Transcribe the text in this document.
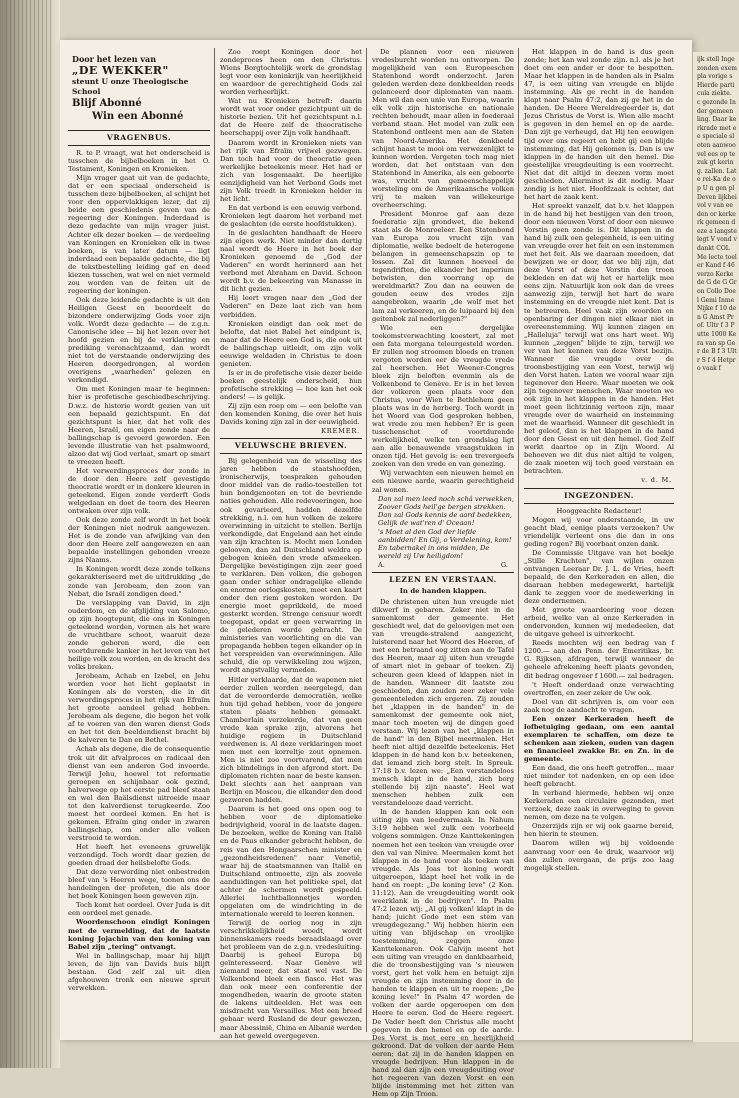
Door het lezen van
„DE WEKKER"
steunt U onze Theologische School
Blijf Abonné
Win een Abonné
VRAGENBUS.

R. te P. vraagt, wat het onderscheid is tusschen de bijbelboeken in het O. Testament, Koningen en Kronieken.

Mijn vrager gaat uit van de gedachte, dat er een speciaal onderscheid is tusschen deze bijbelboeken, al schijnt het voor den oppervlakkigen lezer, dat zij beide een geschiedenis geven van de regeering der Koningen. Inderdaad is deze gedachte van mijn vrager juist. Achter elk dezer boeken — de verdeeling van Koningen en Kronieken elk in twee boeken, is van later datum — ligt inderdaad een bepaalde gedachte, die bij de tekstbestelling leiding gaf en deed kiezen tusschen, wat wel en niet vermeld zou worden van de feiten uit de regeering der koningen.

Ook deze leidende gedachte is uit den Heiligen Geest en beoordeelt de bizondere onderwijzing Gods voor zijn volk. Wordt deze gedachte — de z.g.n. Canonische idee — bij het lezen over het hoofd gezien en bij de verklaring en prediking veronachtzaamd, dan wordt niet tot de verstaande onderwijzing des Heeren doorgedrongen, al worden overigens „waarheden" gelezen en verkondigd.

Om met Koningen maar te beginnen: hier is profetische geschiedbeschrijving. D.w.z. de historie wordt gezien van uit een bepaald gezichtspunt. En dat gezichtspunt is hier, dat het volk des Heeren, Israël, om eigen zonde naar de ballingschap is gevoerd geworden. Een levende illustratie van het psalmwoord, alzoo dat wij God verlaat, smart op smart te vreezen heeft.

Het verwerdingsproces der zonde in de door den Heere zelf gevestigde theocratie wordt er in donkere kleuren in geteekend. Eigen zonde verderft Gods welgedaan en doet de toorn des Heeren ontwaken over zijn volk.

Ook deze zonde zelf wordt in het boek der Koningen niet nodruk aangewezen. Het is de zonde van afwijking van den door den Heere zelf aangewezen en aan bepaalde instellingen gebonden vreeze zijns Naams.

In Koningen wordt deze zonde telkens gekarakteriseerd met de uitdrukking „de zonde van Jerobeam, den zoon van Nebat, die Israël zondigen deed."

De verslapping van David, in zijn ouderdom, en de afglijding van Salomo, op zijn hoogtepunt, die ons in Koningen geteekend worden, vormen als het ware de vruchtbare schoot, waaruit deze zonde geboren werd, die een voortdurende kanker in het leven van het heilige volk zou worden, en de kracht des volks breken.

Jerobeam, Achab en Izebel, en Jehu worden voor het licht geplaatst in Koningen als de vorsten, die in dit verwordingsproces in het rijk van Efraïm het groote aandeel gehad hebben. Jerobeam als degene, die begon het volk af te voeren van den waren dienst Gods en het tot den beeldendienst bracht bij de kalveren te Dan en Bethel.

Achab als degene, die de consequentie trok uit dit afvalproces en radicaal den dienst van een anderen God invoerde. Terwijl Jehu, hoewel tot reformatie geroepen en schijnbaar ook gezind, halverwege op het eerste pad bleef staan en wel den Baälsdienst uitroeide maar tot den kalverdienst terugkeerde. Zoo moest het oordeel komen. En het is gekomen. Efraïm ging onder in zwaren ballingschap, om onder alle volken verstrooid te worden.

Het heeft het eveneens gruwelijk verzondigd. Toch wordt daar gezien de goeden draad der heilsbelofte Gods.

Dat deze verwording niet onbestreden bleef van 's Heeren wege, toonen ons de handelingen der profeten, die als door het boek Koningen heen geweven zijn.

Toch komt het oordeel. Over Juda is dit een oordeel met genade.

Woordenschoon eindigt Koningen met de vermelding, dat de laatste koning Jojachin van den koning van Babel zijn „tering" ontvangt.

Wel in ballingschap, maar hij blijft leven, de lijn van Davids huis blijft bestaan. God zelf zal uit dien afgehouwen tronk een nieuwe spruit verwekken.

Zoo roept Koningen door het zondeproces heen om den Christus. Wiens Borgtochtelijk werk de grondslag legt voor een koninkrijk van heerlijkheid en waardoor de gerechtigheid Gods zal worden verheerlijkt.

Wat nu Kronieken betreft: daarin wordt wat voor onder gezichtpunt uit de historie bezien. Uit het gezichtspunt n.l. dat de Heere zelf de theocratische heerschappij over Zijn volk handhaaft.

Daarom wordt in Kronieken niets van het rijk van Efraïm vrijwel gezwegen. Dan toch had voor de theocratie geen werkelijke beteekenis meer. Het had er zich van losgemaakt. De heerlijke eenzijdigheid van het Verbond Gods met zijn Volk treedt in Kronieken helder in het licht.

En dat verbond is een eeuwig verbond. Kronieken legt daarom het verband met de geslachten (de eerste hoofdstukken).

In de geslachten handhaaft de Heere zijn eigen werk. Niet minder dan dertig naal wordt de Heere in het boek der Kronieken genoemd de „God der Vaderen" en wordt herinnerd aan het verbond met Abraham en David. Schoon wordt b.v. de bekeering van Manasse in dit licht gezien.

Hij leert vragen naar den „God der Vaderen" en Deze laat zich van hem verbidden.

Kronieken eindigt dan ook met de belofte, dat niet Babel het eindpunt is, maar dat de Heere een God is, die ook uit de ballingschap uitleidt, om zijn volk eeuwige weldaden in Christus te doen genieten.

Is er in de profetische visie dezer beide boeken geestelijk onderscheid, hun profetische strekking — hoe kan het ook anders! — is gelijk.

Zij zijn een roep om — een belofte van den komenden Koning, die over het huis Davids koning zijn zal in der eeuwigheid.

KREMER.
VELUWSCHE BRIEVEN.

Bij gelegenheid van de wisseling des jaren hebben de staatshoofden, ironischerwijs, toespraken gehouden door middel van de radio-toestellen tot hun bondgenooten en tot de bevriende naties gehouden. Alle redevoeringen, hoe ook gevarieerd, hadden dezelfde strekking, n.l. om hun volken de zekere overwinning in uitzicht te stellen. Berlijn verkondigde, dat Engeland aan het einde van zijn krachten is. Mocht men Londen gelooven, dan zal Duitschland weldra op gebogen knieën den vrede afsmeeken. Dergelijke bevestigingen zijn zeer goed te verklaren. Den volken, die gebogen gaan onder schier ondragelijke ellende en enorme oorlogskosten, moet een kaart onder den riem gestoken worden. De energie moet geprikkeld, de moed gesterkt worden. Strenge censuur wordt toegepast, opdat er geen verwarring in de gelederen worde gebracht. De ministeries van voorlichting en die van propaganda hebben tegen elkander op in het verspreiden van overwinningen. Alle schuld, die op verwikkeling zou wijzen, wordt angstvallig vermeden.

Hitler verklaarde, dat de wapenen niet eerder zullen worden neergelegd, dan dat de veroorderde democratiën, welke hun tijd gehad hebben, voor de jongere staten plaats hebben gemaakt. Chamberlain verzekerde, dat van geen vrede kan sprake zijn, alvorens het huidige regiem in Duitschland verdwenen is. Al deze verklaringen moet men met een korreltje zout opnemen. Men is niet zoo voortvarend, dat men zich blindelings in den afgrond stort. De diplomaten richten naar de beste kansen. Dekt slechts aan het aanpraan van Berlijn en Moscou, die elkander den dood gezworen hadden.

Daarom is het goed ons open oog te hebben voor de diplomatieke bedrijvigheid, vooral in de laatste dagen. De bezoeken, welke de Koning van Italië en de Paus elkander gebracht hebben, de reis van den Hongaarschen minister en „gezondheidsredenen" naar Venetië, waar hij de staatsmannen van Italië en Duitschland ontmoette, zijn als zoovele aanduidingen van het politieke spel, dat achter de schermen wordt gespeeld. Allerlei luchtballonnetjes worden opgelaten om de windrichting in de internationale wereld te leeren kennen.

Terwijl de oorlog nog in zijn verschrikkelijkheid woedt, wordt binnenskamers reeds beraadslaagd over het probleem van de z.g.n. vredesluiting. Daarbij is geheel Europa bij geïnteresseerd. Naar Genève wil niemand meer, dat staat wel vast. De Volkenbond bleek een fiasco. Het was dan ook meer een conferentie der mogendheden, waarin de groote staten de lakens uitdeelden. Het was een misdracht van Versailles. Met een breed gebaar werd Rusland de deur gewezen, maar Abessinië, China en Albanië werden aan het geweld overgegeven.

De plannen voor een nieuwen vredesburcht worden nu ontworpen. De mogelijkheid van een Europeeschen Statenbond wordt onderzocht. Jaren geleden werden deze denkbeelden reeds gelanceerd door diplomaten van naam. Men wil dan een unie van Europa, waarin elk volk zijn historische en nationale rechten behoudt, maar allen in foederaal verband staan. Het model van zulk een Statenbond ontleent men aan de Staten van Noord-Amerika. Het denkbeeld schijnt haast te mooi om verwezenlijkt te kunnen worden. Vergeten toch mag niet worden, dat het ontstaan van den Statenbond in Amerika, als een geboorte was, vrucht van gemeenschappelijk worsteling om de Amerikaansche volken vrij te maken van willekeurige overheersching.

President Monroe gaf aan deze foederatie zijn grondwet, die bekend staat als de Monroeleer. Een Statenbond van Europa zou vrucht zijn van diplomatie, welke bedoelt de heterogene belangen in gemeenschapszin op te lossen. Zal dit kunnen hoeveel de tegendriften, die elkander het imperium betwisten, den voorrang op de wereldmarkt? Zou dan na eeuwen de gouden eeuw des vredes zijn aangebroken, waarin „de wolf met het lam zal verkeeren, en de luipaard bij den geitenbok zal nederliggen?"

Wie een dergelijke toekomstverwachting koestert, zal met een fata morgana teleurgesteld worden. Er zullen nog stroomen bloeds en tranen vergoten worden eer de vreugde vrede zal heerschen. Het Weener-Congres bleek zijn beloften evenmin als de Volkenbond te Genève. Er is in het leven der volkeren geen plaats voor den Christus, voor Wien te Bethlehem geen plaats was in de herberg. Toch wordt in het Woord van God gesproken hebben, wat vrede zou men hebben? Er is geen tusschenschot of voortdurende werkelijkheid, welke ten grondslag ligt aan alle benauwende vraagstukken in onzen tijd. Het gevolg is: een trevergeefs zoeken van den vrede en van genezing.

Wij verwachten een nieuwen hemel en een nieuwe aarde, waarin gerechtigheid zal wonen.

Dan zal men leed noch schâ verwekken, Zoover Gods heil'ge bergen strekken. Dan zal Gods kennis de aard bedekken, Gelijk de wat'ren d' Oceaan!

's Moet al den God der liefde aanbidden! En Gij, o Verdelening, kom! En tabernakel in ons midden, De wereld zij Uw heiligdom!

A.	G.
LEZEN EN VERSTAAN.
In de handen klappen.

De christenen uiten hun vreugde niet dikwerf in gebaren. Zeker niet in de samenkomst der gemeente. Het geschiedt wel, dat de geloovigen met een van vreugde-stralend aangezicht, luisterend naar het Woord des Heeren, of met een betraand oog zitten aan de Tafel des Heeren, maar zij uiten hun vreugde of smart niet in gebaar of teeken. Zij scheuren geen kleed of klappen niet in de handen. Wanneer dit laatste zou geschieden, dan zouden zeer zeker vele gemeenteleden zich ergeren. Zij zouden het „klappen in de handen" in de samenkomst der gemeente ook niet, maar toch moeten wij de dingen goed verstaan. Wij lezen van het „klappen in de hand" in den Bijbel meermalen. Het heeft niet altijd dezelfde beteekenis. Het klappen in de hand kon b.v. beteekenen, dat iemand zich borg stelt. In Spreuk. 17:18 b.v. lezen we: „Een verstandeloos mensch klapt in de hand, zich borg stellende bij zijn naaste". Heel wat menschen hebben zulk een verstandelooze daad verricht.

In de handen klappen kan ook een uiting zijn van leedvermaak. In Nahum 3:19 hebben wel zulk een voorbeeld volgens sommigen. Onze Kanttekeningen noemen het een teeken van vreugde over den val van Ninive. Meermalen komt het klappen in de hand voor als teeken van vreugde. Als Joas tot koning wordt uitgeroepen, klapt heel het volk in de hand en roept: „De koning leve" (2 Kon. 11:12). Aan de vreugdeuiting wordt ook weerklank in de bedrijven". In Psalm 47:2 lezen wij: „Al gij volken! klapt in de hand; juicht Gode met een stem van vreugdegezang." Wij hebben hierin een uiting van blijdschap en vroolijke toestemming, zeggen onze Kanttekenaren. Ook Calvijn meent het een uiting van vreugde en dankbaarheid, die de troonsbestijging van 's nieuwen vorst, gert het volk hem en betuigt zijn vreugde en zijn instemming door in de handen te klappen en uit te roepen: „De koning leve!" In Psalm 47 worden de volken der aarde opgeroepen om den Heere te eeren. God de Heere regeert. De Vader heeft den Christus alle macht gegeven in den hemel en op de aarde. Des Vorst is met eere en heerlijkheid gekroond. Dat de volken der aarde Hem eeren; dat zij in de handen klappen en vreugde bedrijven. Hun klappen in de hand zal dan zijn een vreugdeuiting over het regeeren van dezen Vorst en een blijde instemming met het zitten van Hem op Zijn Troon.

Het klappen in de hand is dus geen zonde; het kan wel zonde zijn. n.l. als je het doet om een ander er door te bespotten. Maar het klappen in de handen als in Psalm 47, is een uiting van vreugde en blijde instemming. Als ge recht in de handen klapt naar Psalm 47:2, dan zij ge het in de handen. De Heere Wereldregeerder is, dat Jezus Christus de Vorst is. Wien alle macht is gegeven in den hemel en op de aarde. Dan zijt ge verheugd, dat Hij ten eeuwigen tijd over ons regeert en hebt gij een blijde instemming, dat Hij gekomen is. Dan is uw klappen in de handen uit den hemel. Die geestelijke vreugdeuiting is een voorrecht. Niet dat dit altijd in deezen vorm moet geschieden. Allerminst is dit nodig. Maar zondig is het niet. Hoofdzaak is echter, dat het hart de zaak kent.

Het spreekt vanzelf, dat b.v. het klappen in de hand bij het bestijgen van den troon, door een nieuwen Vorst of door een nieuwe Vorstin geen zonde is. Dit klappen in de hand bij zulk een gelegenheid, is een uiting van vreugde over het feit en een instemmen met het feit. Als we daaraan meedoen, dat bewijzen we er door, dat we blij zijn, dat deze Vorst of deze Vorstin den troon bekleden en dat wij het er hartelijk mee eens zijn. Natuurlijk kon ook dan de vrees aanwezig zijn, terwijl het hart de ware instemming en de vreugde niet kent. Dat is te betreuren. Heel vaak zijn woorden en openbaring der dingen niet elkaar niet in overeenstemming. Wij kunnen zingen en „Halleluja" terwijl wat ons hart weet. Wij kunnen „zeggen" blijde te zijn, terwijl we ver van het kennen van deze Vorst bezijn. Wanneer die vreugde over de troonsbestijging van een Vorst, terwijl wij den Vorst haten. Laten we vooral waar zijn tegenover den Heere. Waar moeten we ook zijn tegenover menschen. Waar moeten we ook zijn in het klappen in de handen. Het moet geen lichtzinnig vertoon zijn, maar vreugde over de waarheid en instemming met de waarheid. Wanneer dit geschiedt in het geloof, dan is het klappen in de hand door den Geest en uit den hemel. God Zelf werkt daartoe op in Zijn Woord. Al behoeven we dit dus niet altijd te volgen, de zaak moeten wij toch goed verstaan en betrachten.

v. d. M.
INGEZONDEN.

Hooggeachte Redacteur!

Mogen wij voor onderstaande, in uw geacht blad, eenige plaats verzoeken? Uw vriendelijk verleent ons die dan in ons geding rogen? Bij voorbaat onzen dank.

De Commissie Uitgave van het boekje „Stille Krachten", van wijlen onzen ontvangen Leeraar Dr. J. L. de Vries, heeft bepaald, de den Kerkeraden en allen, die daaraan hebben medegewerkt, hartelijk dank te zeggen voor de medewerking in deze ondernemen.

Met groote waardeering voor dezen arbeid, welke van al onze Kerkeraden in ondervonden, kunnen wij mededeelen, dat de uitgave geheel is uitverkocht.

Reeds mochten wij een bedrag van f 1200.— aan den Penn. der Emeritikas, br. G. Rijksen, afdragen, terwijl wanneer de geheele afrekening heeft plaats gevonden, dit bedrag ongeveer f 1600.— zal bedragen.

't Heeft onderdaad onze verwachting overtroffen, en zeer zeker de Uw ook.

Doel van dit schrijven is, om voor een zaak nog de aandacht te vragen.

Een onzer Kerkeraden heeft de lofbetuiging gedaan, om een aantal exemplaren te schaffen, om deze te schenken aan zieken, ouden van dagen en financieel zwakke Br. en Zn. in de gemeente.

Een daad, die ons heeft getroffen... maar niet minder tot nadenken, en op een idee heeft gebracht.

In verband hiermede, hebben wij onze Kerkeraden een circulaire gezonden, met verzoek, deze zaak in overweging te geven nemen, om deze na te volgen.

Onzerzijds zijn er wij ook gaarne bereid, hen hierin te steunen.

Daarom willen wij bij voldoende aanvraag voor een 4e druk, waarvoor wij dan zullen overgaan, de prijs zoo laag mogelijk stellen.

ijk stell Ingezonden exempla vorige s Hierde particula ziekte. c gezonde Inder gemeen ling. Daar kerkrade met ee speciale sloten aanwoo vel ees op te zuk gt kering. zallen. Late rei-Ka de op U n gen pl Deven lijkhei vol v van ee den or kerkerk gemeen deze a langste legt V vond v dankt COL Me lecte toeler Kand f 46 verzo Kerke de G de G Gron Collo Doel Gemi Inme Nijke f 10 den G Amst Prof. Ultr f 3 Putte 1000 Kera van sp Ger de B f 3 Ultr S f 4 Hetpro vaak f
